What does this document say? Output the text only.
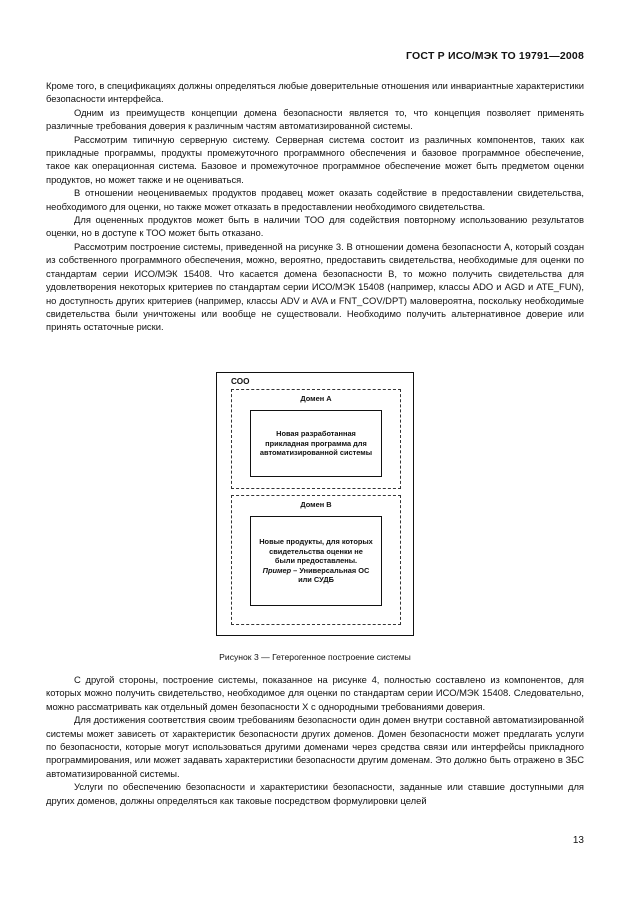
ГОСТ Р ИСО/МЭК ТО 19791—2008

Кроме того, в спецификациях должны определяться любые доверительные отношения или инвариантные характеристики безопасности интерфейса.

Одним из преимуществ концепции домена безопасности является то, что концепция позволяет применять различные требования доверия к различным частям автоматизированной системы.

Рассмотрим типичную серверную систему. Серверная система состоит из различных компонентов, таких как прикладные программы, продукты промежуточного программного обеспечения и базовое программное обеспечение, такое как операционная система. Базовое и промежуточное программное обеспечение может быть предметом оценки продуктов, но может также и не оцениваться.

В отношении неоцениваемых продуктов продавец может оказать содействие в предоставлении свидетельства, необходимого для оценки, но также может отказать в предоставлении необходимого свидетельства.

Для оцененных продуктов может быть в наличии ТОО для содействия повторному использованию результатов оценки, но в доступе к ТОО может быть отказано.

Рассмотрим построение системы, приведенной на рисунке 3. В отношении домена безопасности А, который создан из собственного программного обеспечения, можно, вероятно, предоставить свидетельства, необходимые для оценки по стандартам серии ИСО/МЭК 15408. Что касается домена безопасности В, то можно получить свидетельства для удовлетворения некоторых критериев по стандартам серии ИСО/МЭК 15408 (например, классы ADO и AGD и ATE_FUN), но доступность других критериев (например, классы ADV и AVA и FNT_COV/DPT) маловероятна, поскольку необходимые свидетельства были уничтожены или вообще не существовали. Необходимо получить альтернативное доверие или принять остаточные риски.

СОО
Домен А
Новая разработанная прикладная программа для автоматизированной системы
Домен В
Новые продукты, для которых свидетельства оценки не были предоставлены.
Пример – Универсальная ОС или СУДБ
Рисунок 3 — Гетерогенное построение системы

С другой стороны, построение системы, показанное на рисунке 4, полностью составлено из компонентов, для которых можно получить свидетельство, необходимое для оценки по стандартам серии ИСО/МЭК 15408. Следовательно, можно рассматривать как отдельный домен безопасности X с однородными требованиями доверия.

Для достижения соответствия своим требованиям безопасности один домен внутри составной автоматизированной системы может зависеть от характеристик безопасности других доменов. Домен безопасности может предлагать услуги по безопасности, которые могут использоваться другими доменами через средства связи или интерфейсы прикладного программирования, или может задавать характеристики безопасности другим доменам. Это должно быть отражено в ЗБС автоматизированной системы.

Услуги по обеспечению безопасности и характеристики безопасности, заданные или ставшие доступными для других доменов, должны определяться как таковые посредством формулировки целей

13
